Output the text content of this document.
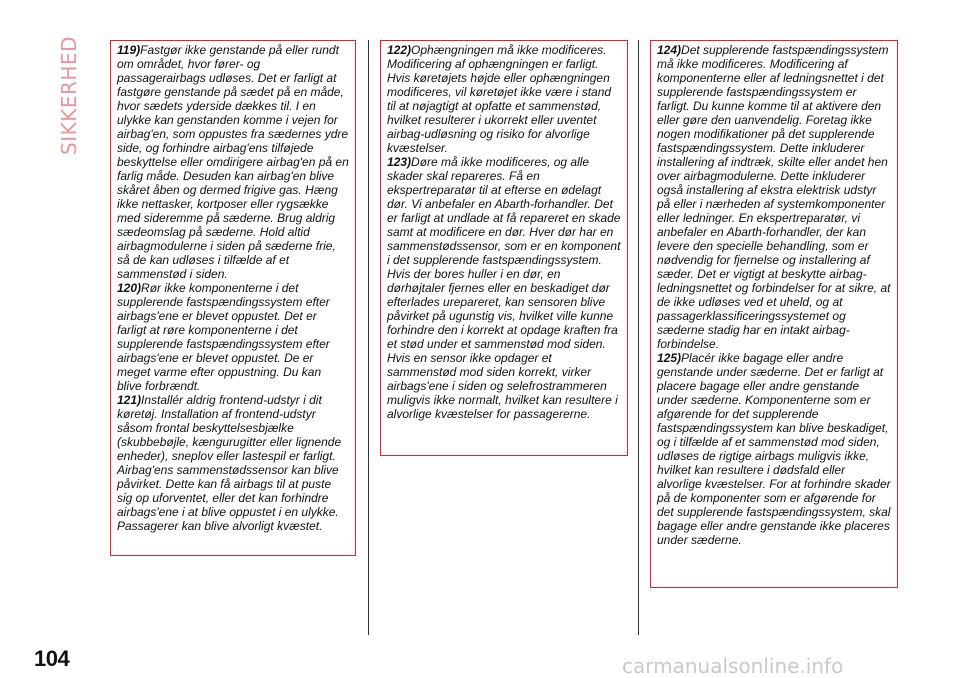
SIKKERHED	119)Fastgør ikke genstande på eller rundt om området, hvor fører- og passagerairbags udløses. Det er farligt at fastgøre genstande på sædet på en måde, hvor sædets yderside dækkes til. I en ulykke kan genstanden komme i vejen for airbag'en, som oppustes fra sædernes ydre side, og forhindre airbag'ens tilføjede beskyttelse eller omdirigere airbag'en på en farlig måde. Desuden kan airbag'en blive skåret åben og dermed frigive gas. Hæng ikke nettasker, kortposer eller rygsække med sideremme på sæderne. Brug aldrig sædeomslag på sæderne. Hold altid airbagmodulerne i siden på sæderne frie, så de kan udløses i tilfælde af et sammenstød i siden.

120)Rør ikke komponenterne i det supplerende fastspændingssystem efter airbags'ene er blevet oppustet. Det er farligt at røre komponenterne i det supplerende fastspændingssystem efter airbags'ene er blevet oppustet. De er meget varme efter oppustning. Du kan blive forbrændt.

121)Installér aldrig frontend-udstyr i dit køretøj. Installation af frontend-udstyr såsom frontal beskyttelsesbjælke (skubbebøjle, kængurugitter eller lignende enheder), sneplov eller lastespil er farligt. Airbag'ens sammenstødssensor kan blive påvirket. Dette kan få airbags til at puste sig op uforventet, eller det kan forhindre airbags'ene i at blive oppustet i en ulykke. Passagerer kan blive alvorligt kvæstet.

122)Ophængningen må ikke modificeres. Modificering af ophængningen er farligt. Hvis køretøjets højde eller ophængningen modificeres, vil køretøjet ikke være i stand til at nøjagtigt at opfatte et sammenstød, hvilket resulterer i ukorrekt eller uventet airbag-udløsning og risiko for alvorlige kvæstelser.

123)Døre må ikke modificeres, og alle skader skal repareres. Få en ekspertreparatør til at efterse en ødelagt dør. Vi anbefaler en Abarth-forhandler. Det er farligt at undlade at få repareret en skade samt at modificere en dør. Hver dør har en sammenstødssensor, som er en komponent i det supplerende fastspændingssystem. Hvis der bores huller i en dør, en dørhøjtaler fjernes eller en beskadiget dør efterlades urepareret, kan sensoren blive påvirket på ugunstig vis, hvilket ville kunne forhindre den i korrekt at opdage kraften fra et stød under et sammenstød mod siden. Hvis en sensor ikke opdager et sammenstød mod siden korrekt, virker airbags'ene i siden og selefrostrammeren muligvis ikke normalt, hvilket kan resultere i alvorlige kvæstelser for passagererne.

124)Det supplerende fastspændingssystem må ikke modificeres. Modificering af komponenterne eller af ledningsnettet i det supplerende fastspændingssystem er farligt. Du kunne komme til at aktivere den eller gøre den uanvendelig. Foretag ikke nogen modifikationer på det supplerende fastspændingssystem. Dette inkluderer installering af indtræk, skilte eller andet hen over airbagmodulerne. Dette inkluderer også installering af ekstra elektrisk udstyr på eller i nærheden af systemkomponenter eller ledninger. En ekspertreparatør, vi anbefaler en Abarth-forhandler, der kan levere den specielle behandling, som er nødvendig for fjernelse og installering af sæder. Det er vigtigt at beskytte airbag-ledningsnettet og forbindelser for at sikre, at de ikke udløses ved et uheld, og at passagerklassificeringssystemet og sæderne stadig har en intakt airbag-forbindelse.

125)Placér ikke bagage eller andre genstande under sæderne. Det er farligt at placere bagage eller andre genstande under sæderne. Komponenterne som er afgørende for det supplerende fastspændingssystem kan blive beskadiget, og i tilfælde af et sammenstød mod siden, udløses de rigtige airbags muligvis ikke, hvilket kan resultere i dødsfald eller alvorlige kvæstelser. For at forhindre skader på de komponenter som er afgørende for det supplerende fastspændingssystem, skal bagage eller andre genstande ikke placeres under sæderne.

104	carmanualsonline.info
